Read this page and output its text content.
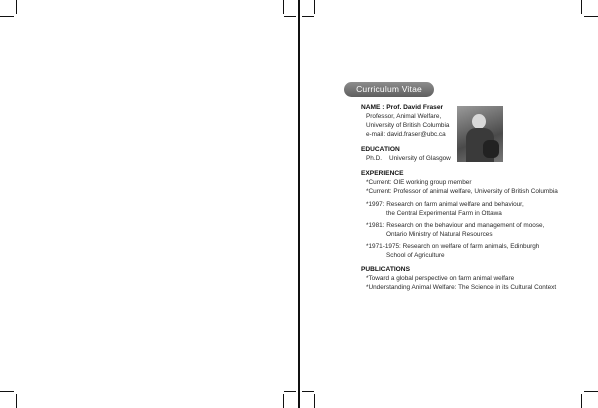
Curriculum Vitae
NAME : Prof. David Fraser
Professor, Animal Welfare,
University of British Columbia
e-mail: david.fraser@ubc.ca
EDUCATION
Ph.D. University of Glasgow
EXPERIENCE
*Current: OIE working group member
*Current: Professor of animal welfare, University of British Columbia
*1997: Research on farm animal welfare and behaviour,
the Central Experimental Farm in Ottawa
*1981: Research on the behaviour and management of moose,
Ontario Ministry of Natural Resources
*1971-1975: Research on welfare of farm animals, Edinburgh
School of Agriculture
PUBLICATIONS
*Toward a global perspective on farm animal welfare
*Understanding Animal Welfare: The Science in its Cultural Context
